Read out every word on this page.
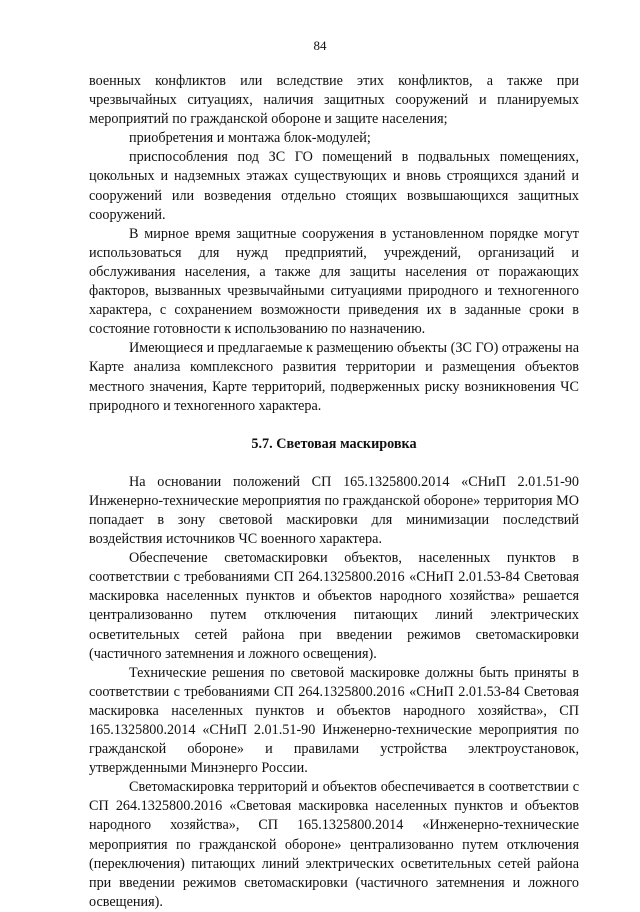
84

военных конфликтов или вследствие этих конфликтов, а также при чрезвычайных ситуациях, наличия защитных сооружений и планируемых мероприятий по гражданской обороне и защите населения;

приобретения и монтажа блок-модулей;

приспособления под ЗС ГО помещений в подвальных помещениях, цокольных и надземных этажах существующих и вновь строящихся зданий и сооружений или возведения отдельно стоящих возвышающихся защитных сооружений.

В мирное время защитные сооружения в установленном порядке могут использоваться для нужд предприятий, учреждений, организаций и обслуживания населения, а также для защиты населения от поражающих факторов, вызванных чрезвычайными ситуациями природного и техногенного характера, с сохранением возможности приведения их в заданные сроки в состояние готовности к использованию по назначению.

Имеющиеся и предлагаемые к размещению объекты (ЗС ГО) отражены на Карте анализа комплексного развития территории и размещения объектов местного значения, Карте территорий, подверженных риску возникновения ЧС природного и техногенного характера.

5.7. Световая маскировка

На основании положений СП 165.1325800.2014 «СНиП 2.01.51-90 Инженерно-технические мероприятия по гражданской обороне» территория МО попадает в зону световой маскировки для минимизации последствий воздействия источников ЧС военного характера.

Обеспечение светомаскировки объектов, населенных пунктов в соответствии с требованиями СП 264.1325800.2016 «СНиП 2.01.53-84 Световая маскировка населенных пунктов и объектов народного хозяйства» решается централизованно путем отключения питающих линий электрических осветительных сетей района при введении режимов светомаскировки (частичного затемнения и ложного освещения).

Технические решения по световой маскировке должны быть приняты в соответствии с требованиями СП 264.1325800.2016 «СНиП 2.01.53-84 Световая маскировка населенных пунктов и объектов народного хозяйства», СП 165.1325800.2014 «СНиП 2.01.51-90 Инженерно-технические мероприятия по гражданской обороне» и правилами устройства электроустановок, утвержденными Минэнерго России.

Светомаскировка территорий и объектов обеспечивается в соответствии с СП 264.1325800.2016 «Световая маскировка населенных пунктов и объектов народного хозяйства», СП 165.1325800.2014 «Инженерно-технические мероприятия по гражданской обороне» централизованно путем отключения (переключения) питающих линий электрических осветительных сетей района при введении режимов светомаскировки (частичного затемнения и ложного освещения).
